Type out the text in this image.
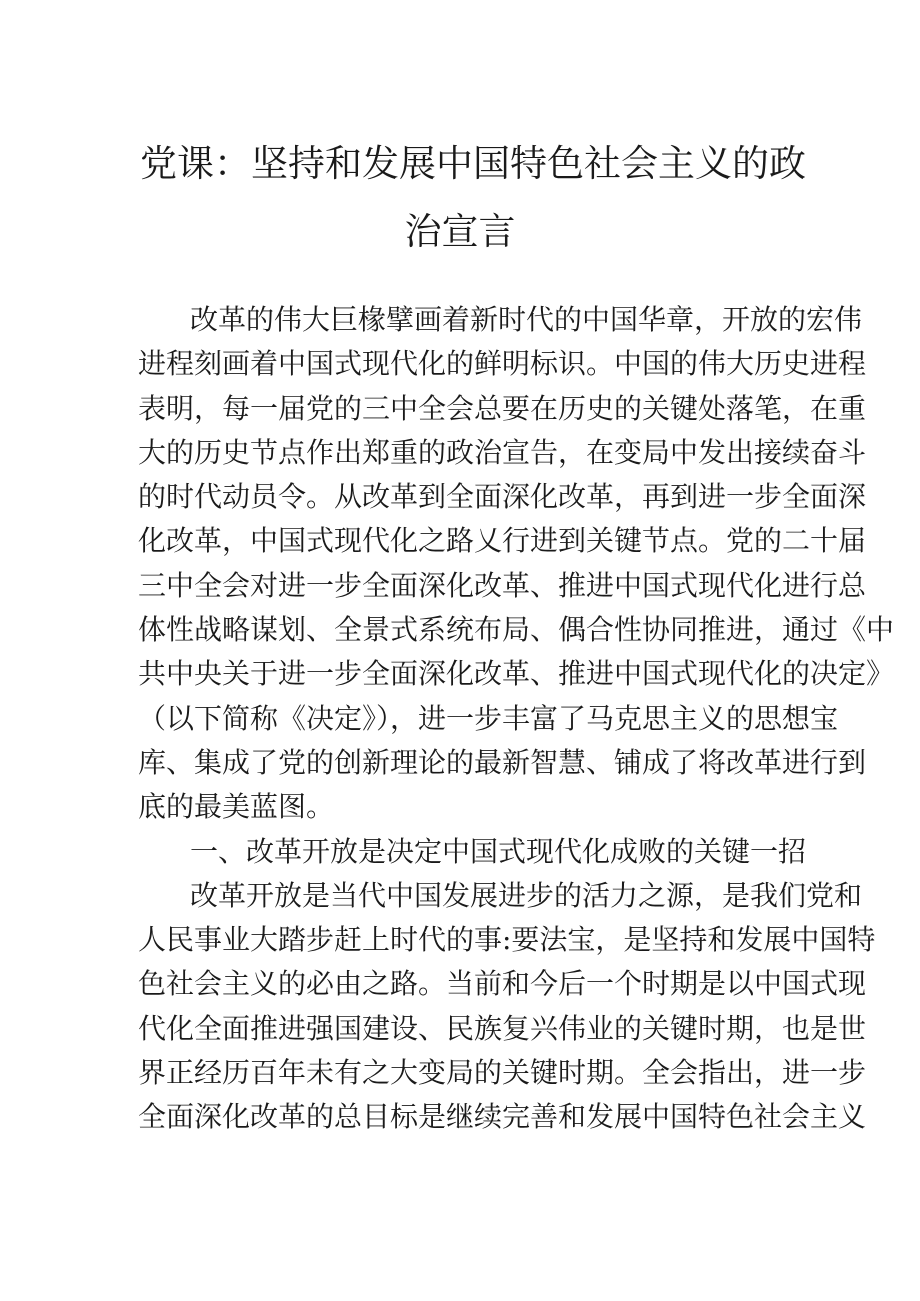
党课：坚持和发展中国特色社会主义的政
治宣言
改革的伟大巨椽擘画着新时代的中国华章，开放的宏伟
进程刻画着中国式现代化的鲜明标识。中国的伟大历史进程
表明，每一届党的三中全会总要在历史的关键处落笔，在重
大的历史节点作出郑重的政治宣告，在变局中发出接续奋斗
的时代动员令。从改革到全面深化改革，再到进一步全面深
化改革，中国式现代化之路乂行进到关键节点。党的二十届
三中全会对进一步全面深化改革、推进中国式现代化进行总
体性战略谋划、全景式系统布局、偶合性协同推进，通过《中
共中央关于进一步全面深化改革、推进中国式现代化的决定》
（以下简称《决定》），进一步丰富了马克思主义的思想宝
库、集成了党的创新理论的最新智慧、铺成了将改革进行到
底的最美蓝图。
一、改革开放是决定中国式现代化成败的关键一招
改革开放是当代中国发展进步的活力之源，是我们党和
人民事业大踏步赶上时代的事:要法宝，是坚持和发展中国特
色社会主义的必由之路。当前和今后一个时期是以中国式现
代化全面推进强国建设、民族复兴伟业的关键时期，也是世
界正经历百年未有之大变局的关键时期。全会指出，进一步
全面深化改革的总目标是继续完善和发展中国特色社会主义
